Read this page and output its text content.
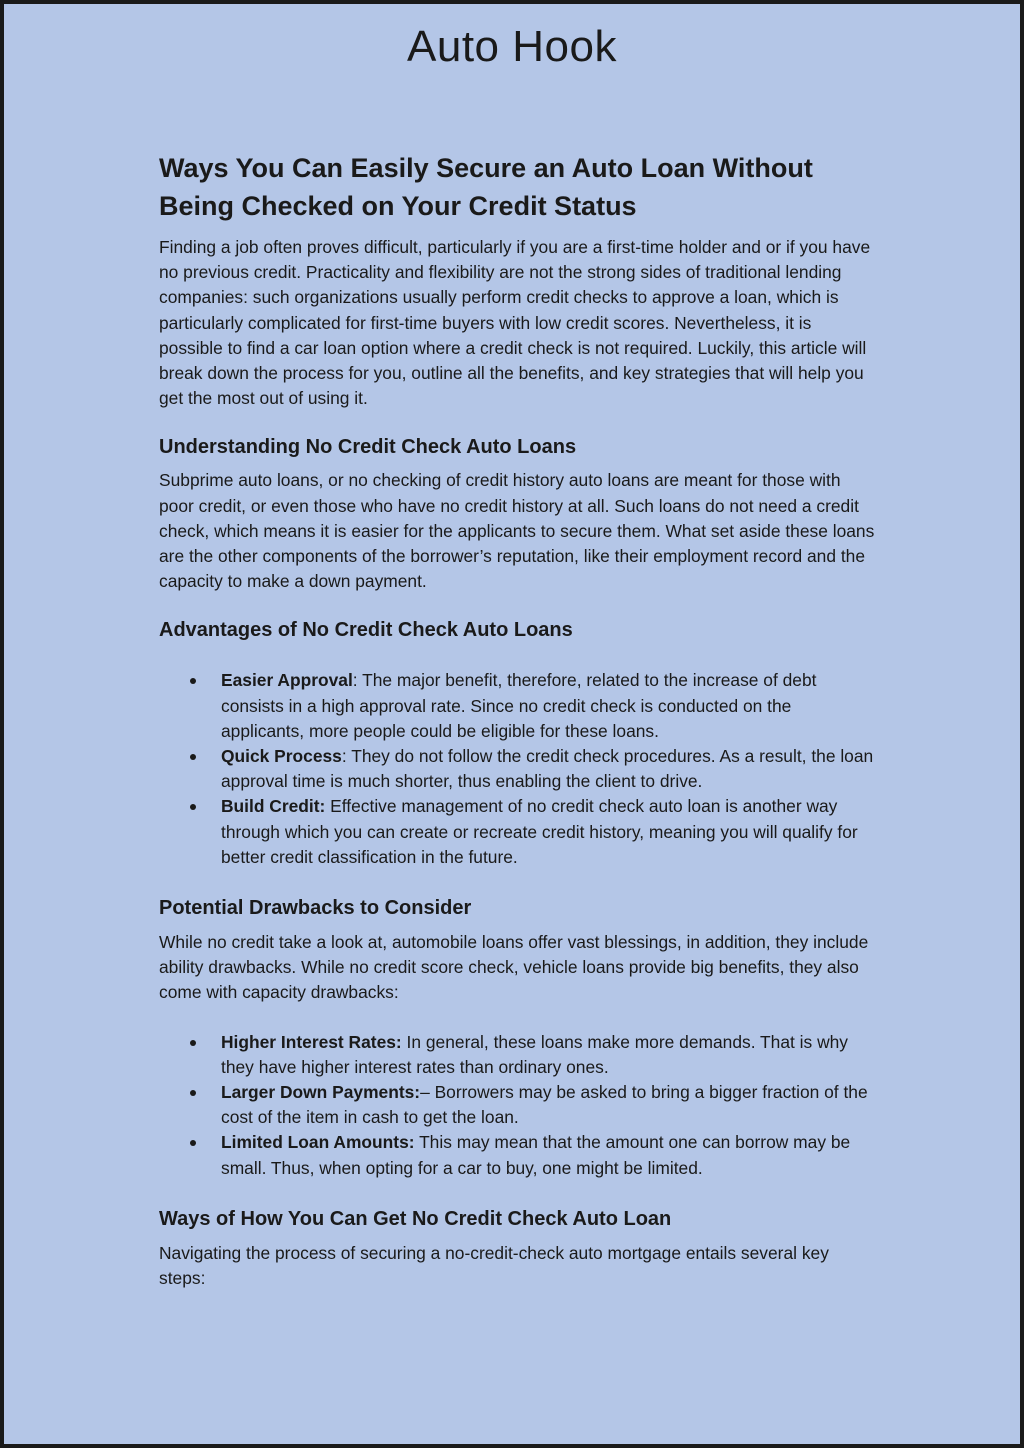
Auto Hook
Ways You Can Easily Secure an Auto Loan Without Being Checked on Your Credit Status

Finding a job often proves difficult, particularly if you are a first-time holder and or if you have no previous credit. Practicality and flexibility are not the strong sides of traditional lending companies: such organizations usually perform credit checks to approve a loan, which is particularly complicated for first-time buyers with low credit scores. Nevertheless, it is possible to find a car loan option where a credit check is not required. Luckily, this article will break down the process for you, outline all the benefits, and key strategies that will help you get the most out of using it.

Understanding No Credit Check Auto Loans

Subprime auto loans, or no checking of credit history auto loans are meant for those with poor credit, or even those who have no credit history at all. Such loans do not need a credit check, which means it is easier for the applicants to secure them. What set aside these loans are the other components of the borrower’s reputation, like their employment record and the capacity to make a down payment.

Advantages of No Credit Check Auto Loans
Easier Approval: The major benefit, therefore, related to the increase of debt consists in a high approval rate. Since no credit check is conducted on the applicants, more people could be eligible for these loans.
Quick Process: They do not follow the credit check procedures. As a result, the loan approval time is much shorter, thus enabling the client to drive.
Build Credit: Effective management of no credit check auto loan is another way through which you can create or recreate credit history, meaning you will qualify for better credit classification in the future.
Potential Drawbacks to Consider

While no credit take a look at, automobile loans offer vast blessings, in addition, they include ability drawbacks. While no credit score check, vehicle loans provide big benefits, they also come with capacity drawbacks:

Higher Interest Rates: In general, these loans make more demands. That is why they have higher interest rates than ordinary ones.
Larger Down Payments:– Borrowers may be asked to bring a bigger fraction of the cost of the item in cash to get the loan.
Limited Loan Amounts: This may mean that the amount one can borrow may be small. Thus, when opting for a car to buy, one might be limited.
Ways of How You Can Get No Credit Check Auto Loan

Navigating the process of securing a no-credit-check auto mortgage entails several key steps:
